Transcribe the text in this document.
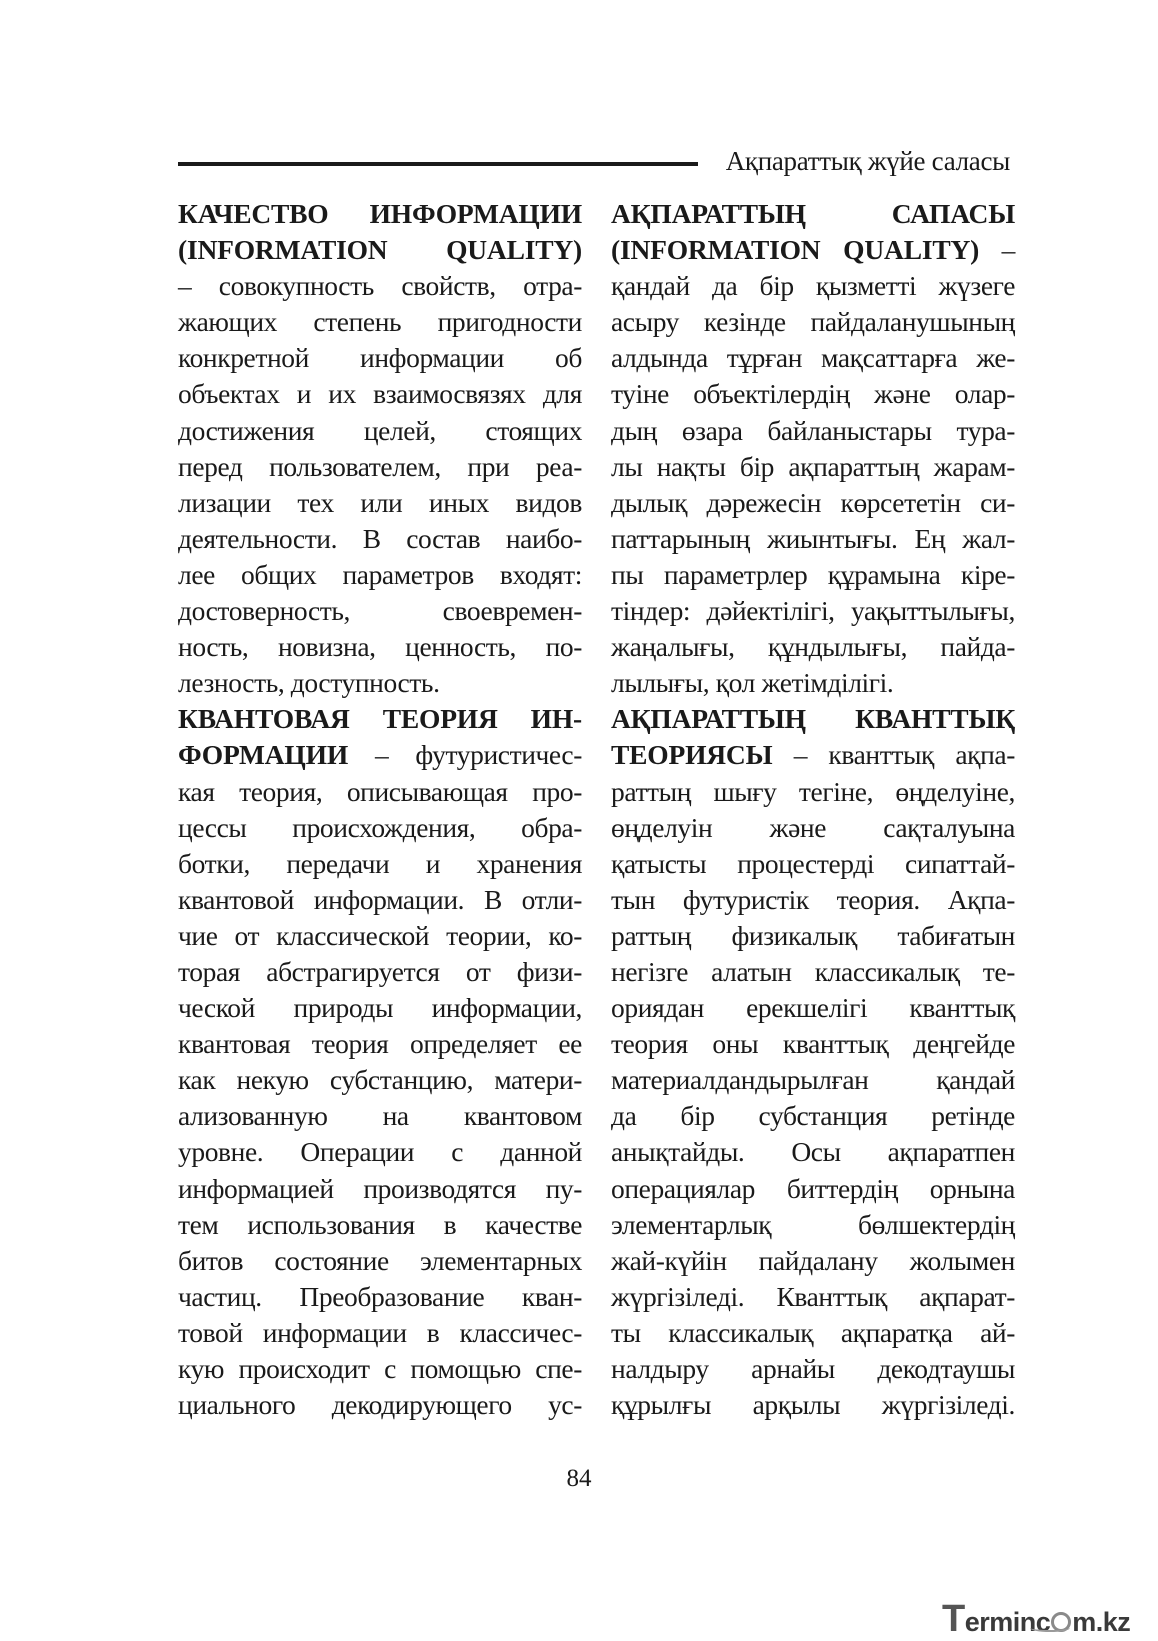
Ақпараттық жүйе саласы
КАЧЕСТВО ИНФОРМАЦИИ
(INFORMATION QUALITY)
– совокупность свойств, отра-
жающих степень пригодности
конкретной информации об
объектах и их взаимосвязях для
достижения целей, стоящих
перед пользователем, при реа-
лизации тех или иных видов
деятельности. В состав наибо-
лее общих параметров входят:
достоверность, своевремен-
ность, новизна, ценность, по-
лезность, доступность.
КВАНТОВАЯ ТЕОРИЯ ИН-
ФОРМАЦИИ – футуристичес-
кая теория, описывающая про-
цессы происхождения, обра-
ботки, передачи и хранения
квантовой информации. В отли-
чие от классической теории, ко-
торая абстрагируется от физи-
ческой природы информации,
квантовая теория определяет ее
как некую субстанцию, матери-
ализованную на квантовом
уровне. Операции с данной
информацией производятся пу-
тем использования в качестве
битов состояние элементарных
частиц. Преобразование кван-
товой информации в классичес-
кую происходит с помощью спе-
циального декодирующего ус-
АҚПАРАТТЫҢ САПАСЫ
(INFORMATION QUALITY) –
қандай да бір қызметті жүзеге
асыру кезінде пайдаланушының
алдында тұрған мақсаттарға же-
туіне объектілердің және олар-
дың өзара байланыстары тура-
лы нақты бір ақпараттың жарам-
дылық дәрежесін көрсететін си-
паттарының жиынтығы. Ең жал-
пы параметрлер құрамына кіре-
тіндер: дәйектілігі, уақыттылығы,
жаңалығы, құндылығы, пайда-
лылығы, қол жетімділігі.
АҚПАРАТТЫҢ КВАНТТЫҚ
ТЕОРИЯСЫ – кванттық ақпа-
раттың шығу тегіне, өңделуіне,
өңделуін және сақталуына
қатысты процестерді сипаттай-
тын футуристік теория. Ақпа-
раттың физикалық табиғатын
негізге алатын классикалық те-
ориядан ерекшелігі кванттық
теория оны кванттық деңгейде
материалдандырылған қандай
да бір субстанция ретінде
анықтайды. Осы ақпаратпен
операциялар биттердің орнына
элементарлық бөлшектердің
жай-күйін пайдалану жолымен
жүргізіледі. Кванттық ақпарат-
ты классикалық ақпаратқа ай-
налдыру арнайы декодтаушы
құрылғы арқылы жүргізіледі.
84
Terminc m.kz
